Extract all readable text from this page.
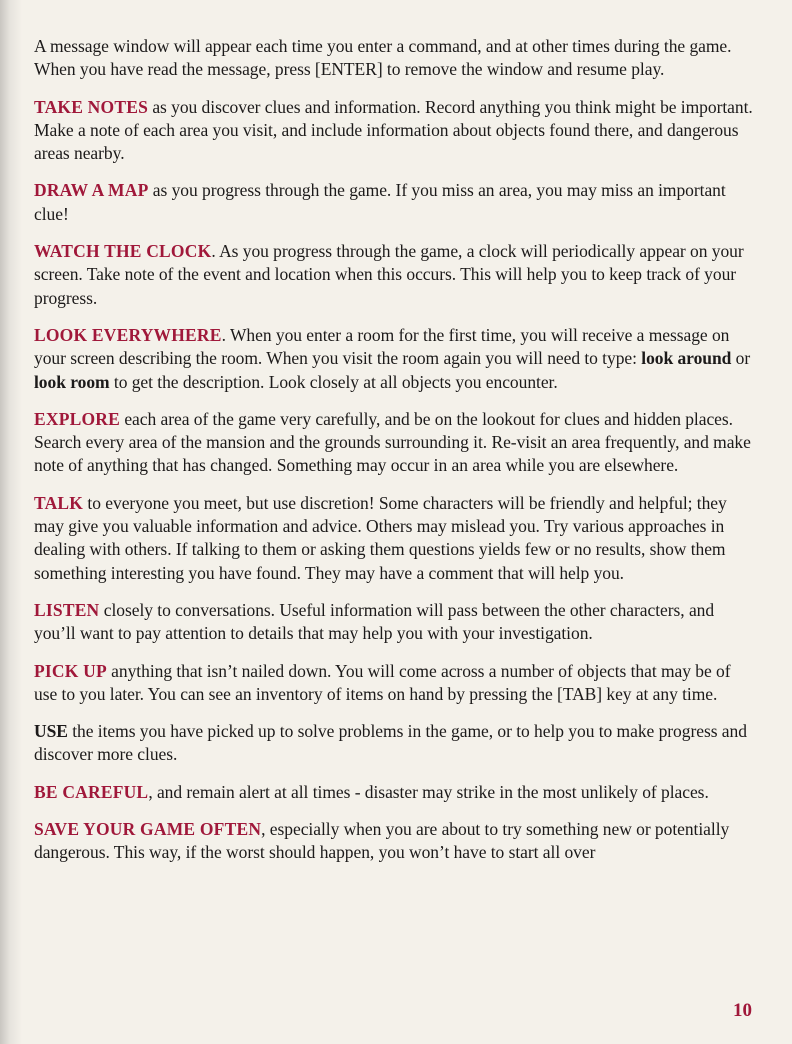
A message window will appear each time you enter a command, and at other times during the game. When you have read the message, press [ENTER] to remove the window and resume play.

TAKE NOTES as you discover clues and information. Record anything you think might be important. Make a note of each area you visit, and include information about objects found there, and dangerous areas nearby.

DRAW A MAP as you progress through the game. If you miss an area, you may miss an important clue!

WATCH THE CLOCK. As you progress through the game, a clock will periodically appear on your screen. Take note of the event and location when this occurs. This will help you to keep track of your progress.

LOOK EVERYWHERE. When you enter a room for the first time, you will receive a message on your screen describing the room. When you visit the room again you will need to type: look around or look room to get the description. Look closely at all objects you encounter.

EXPLORE each area of the game very carefully, and be on the lookout for clues and hidden places. Search every area of the mansion and the grounds surrounding it. Re-visit an area frequently, and make note of anything that has changed. Something may occur in an area while you are elsewhere.

TALK to everyone you meet, but use discretion! Some characters will be friendly and helpful; they may give you valuable information and advice. Others may mislead you. Try various approaches in dealing with others. If talking to them or asking them questions yields few or no results, show them something interesting you have found. They may have a comment that will help you.

LISTEN closely to conversations. Useful information will pass between the other characters, and you’ll want to pay attention to details that may help you with your investigation.

PICK UP anything that isn’t nailed down. You will come across a number of objects that may be of use to you later. You can see an inventory of items on hand by pressing the [TAB] key at any time.

USE the items you have picked up to solve problems in the game, or to help you to make progress and discover more clues.

BE CAREFUL, and remain alert at all times - disaster may strike in the most unlikely of places.

SAVE YOUR GAME OFTEN, especially when you are about to try something new or potentially dangerous. This way, if the worst should happen, you won’t have to start all over

10
